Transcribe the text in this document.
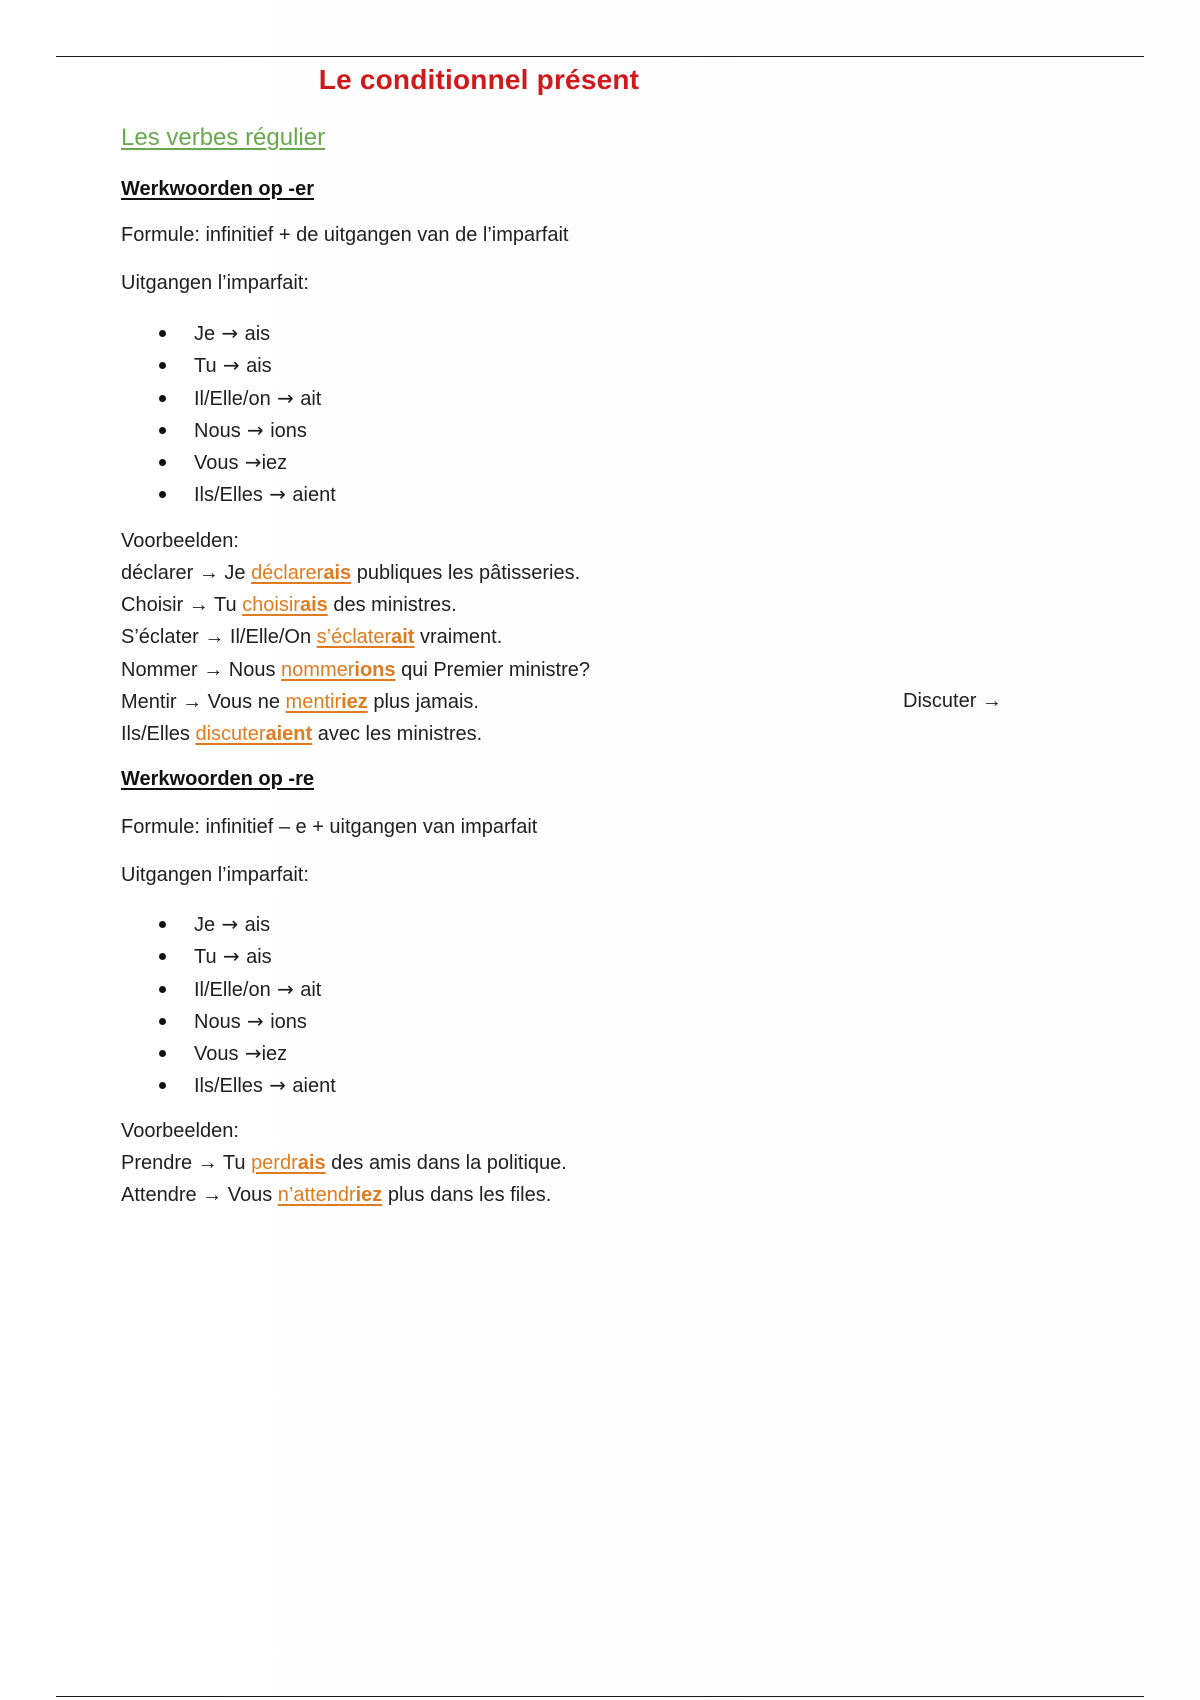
Le conditionnel présent
Les verbes régulier
Werkwoorden op -er
Formule: infinitief + de uitgangen van de l’imparfait
Uitgangen l’imparfait:
Je → ais
Tu → ais
Il/Elle/on → ait
Nous → ions
Vous →iez
Ils/Elles → aient
Voorbeelden:
déclarer → Je déclarerais publiques les pâtisseries.
Choisir → Tu choisirais des ministres.
S’éclater → Il/Elle/On s’éclaterait vraiment.
Nommer → Nous nommerions qui Premier ministre?
Mentir → Vous ne mentiriez plus jamais.
Ils/Elles discuteraient avec les ministres.
Discuter →
Werkwoorden op -re
Formule: infinitief – e + uitgangen van imparfait
Uitgangen l’imparfait:
Je → ais
Tu → ais
Il/Elle/on → ait
Nous → ions
Vous →iez
Ils/Elles → aient
Voorbeelden:
Prendre → Tu perdrais des amis dans la politique.
Attendre → Vous n’attendriez plus dans les files.
